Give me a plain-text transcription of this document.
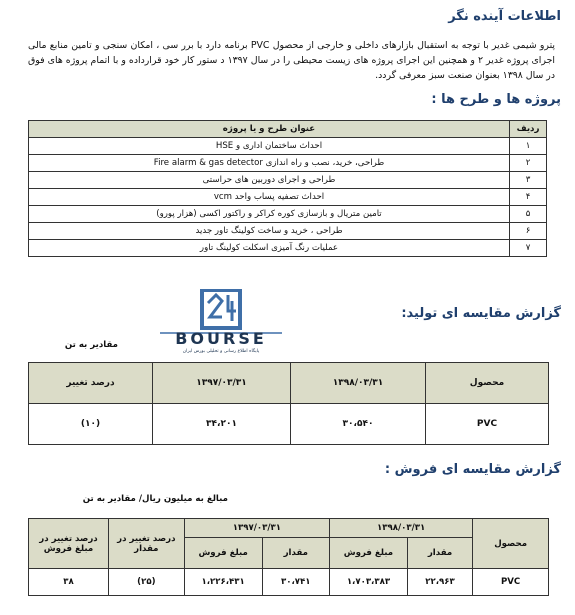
اطلاعات آینده نگر
پترو شیمی غدیر با توجه به استقبال بازارهای داخلی و خارجی از محصول PVC برنامه دارد با برر سی ، امکان سنجی و تامین منابع مالی اجرای پروژه غدیر ۲ و همچنین این اجرای پروژه های زیست محیطی را در سال ۱۳۹۷ د ستور کار خود قرارداده و با اتمام پروژه های فوق در سال ۱۳۹۸ بعنوان صنعت سبز معرفی گردد.
پروژه ها و طرح ها :
ردیف	عنوان طرح و یا پروژه
۱	احداث ساختمان اداری و HSE
۲	طراحی، خرید، نصب و راه اندازی Fire alarm & gas detector
۳	طراحی و اجرای دوربین های حراستی
۴	احداث تصفیه پساب واحد vcm
۵	تامین متریال و بازسازی کوره کراکر و راکتور اکسی (هزار پورو)
۶	طراحی ، خرید و ساخت کولینگ تاور جدید
۷	عملیات رنگ آمیزی اسکلت کولینگ تاور
BOURSE
پایگاه اطلاع رسانی و تحلیلی بورس ایران
گزارش مقایسه ای تولید:
مقادیر به تن
محصول	۱۳۹۸/۰۳/۳۱	۱۳۹۷/۰۳/۳۱	درصد تغییر
PVC	۳۰،۵۴۰	۳۴،۲۰۱	(۱۰)
گزارش مقایسه ای فروش :
مبالغ به میلیون ریال/ مقادیر به تن
محصول	۱۳۹۸/۰۳/۳۱		۱۳۹۷/۰۳/۳۱		درصد تغییر در مقدار	درصد تغییر در مبلغ فروش
	مقدار	مبلغ فروش	مقدار	مبلغ فروش		
PVC	۲۲،۹۶۳	۱،۷۰۳،۳۸۳	۳۰،۷۴۱	۱،۲۲۶،۴۳۱	(۲۵)	۳۸
